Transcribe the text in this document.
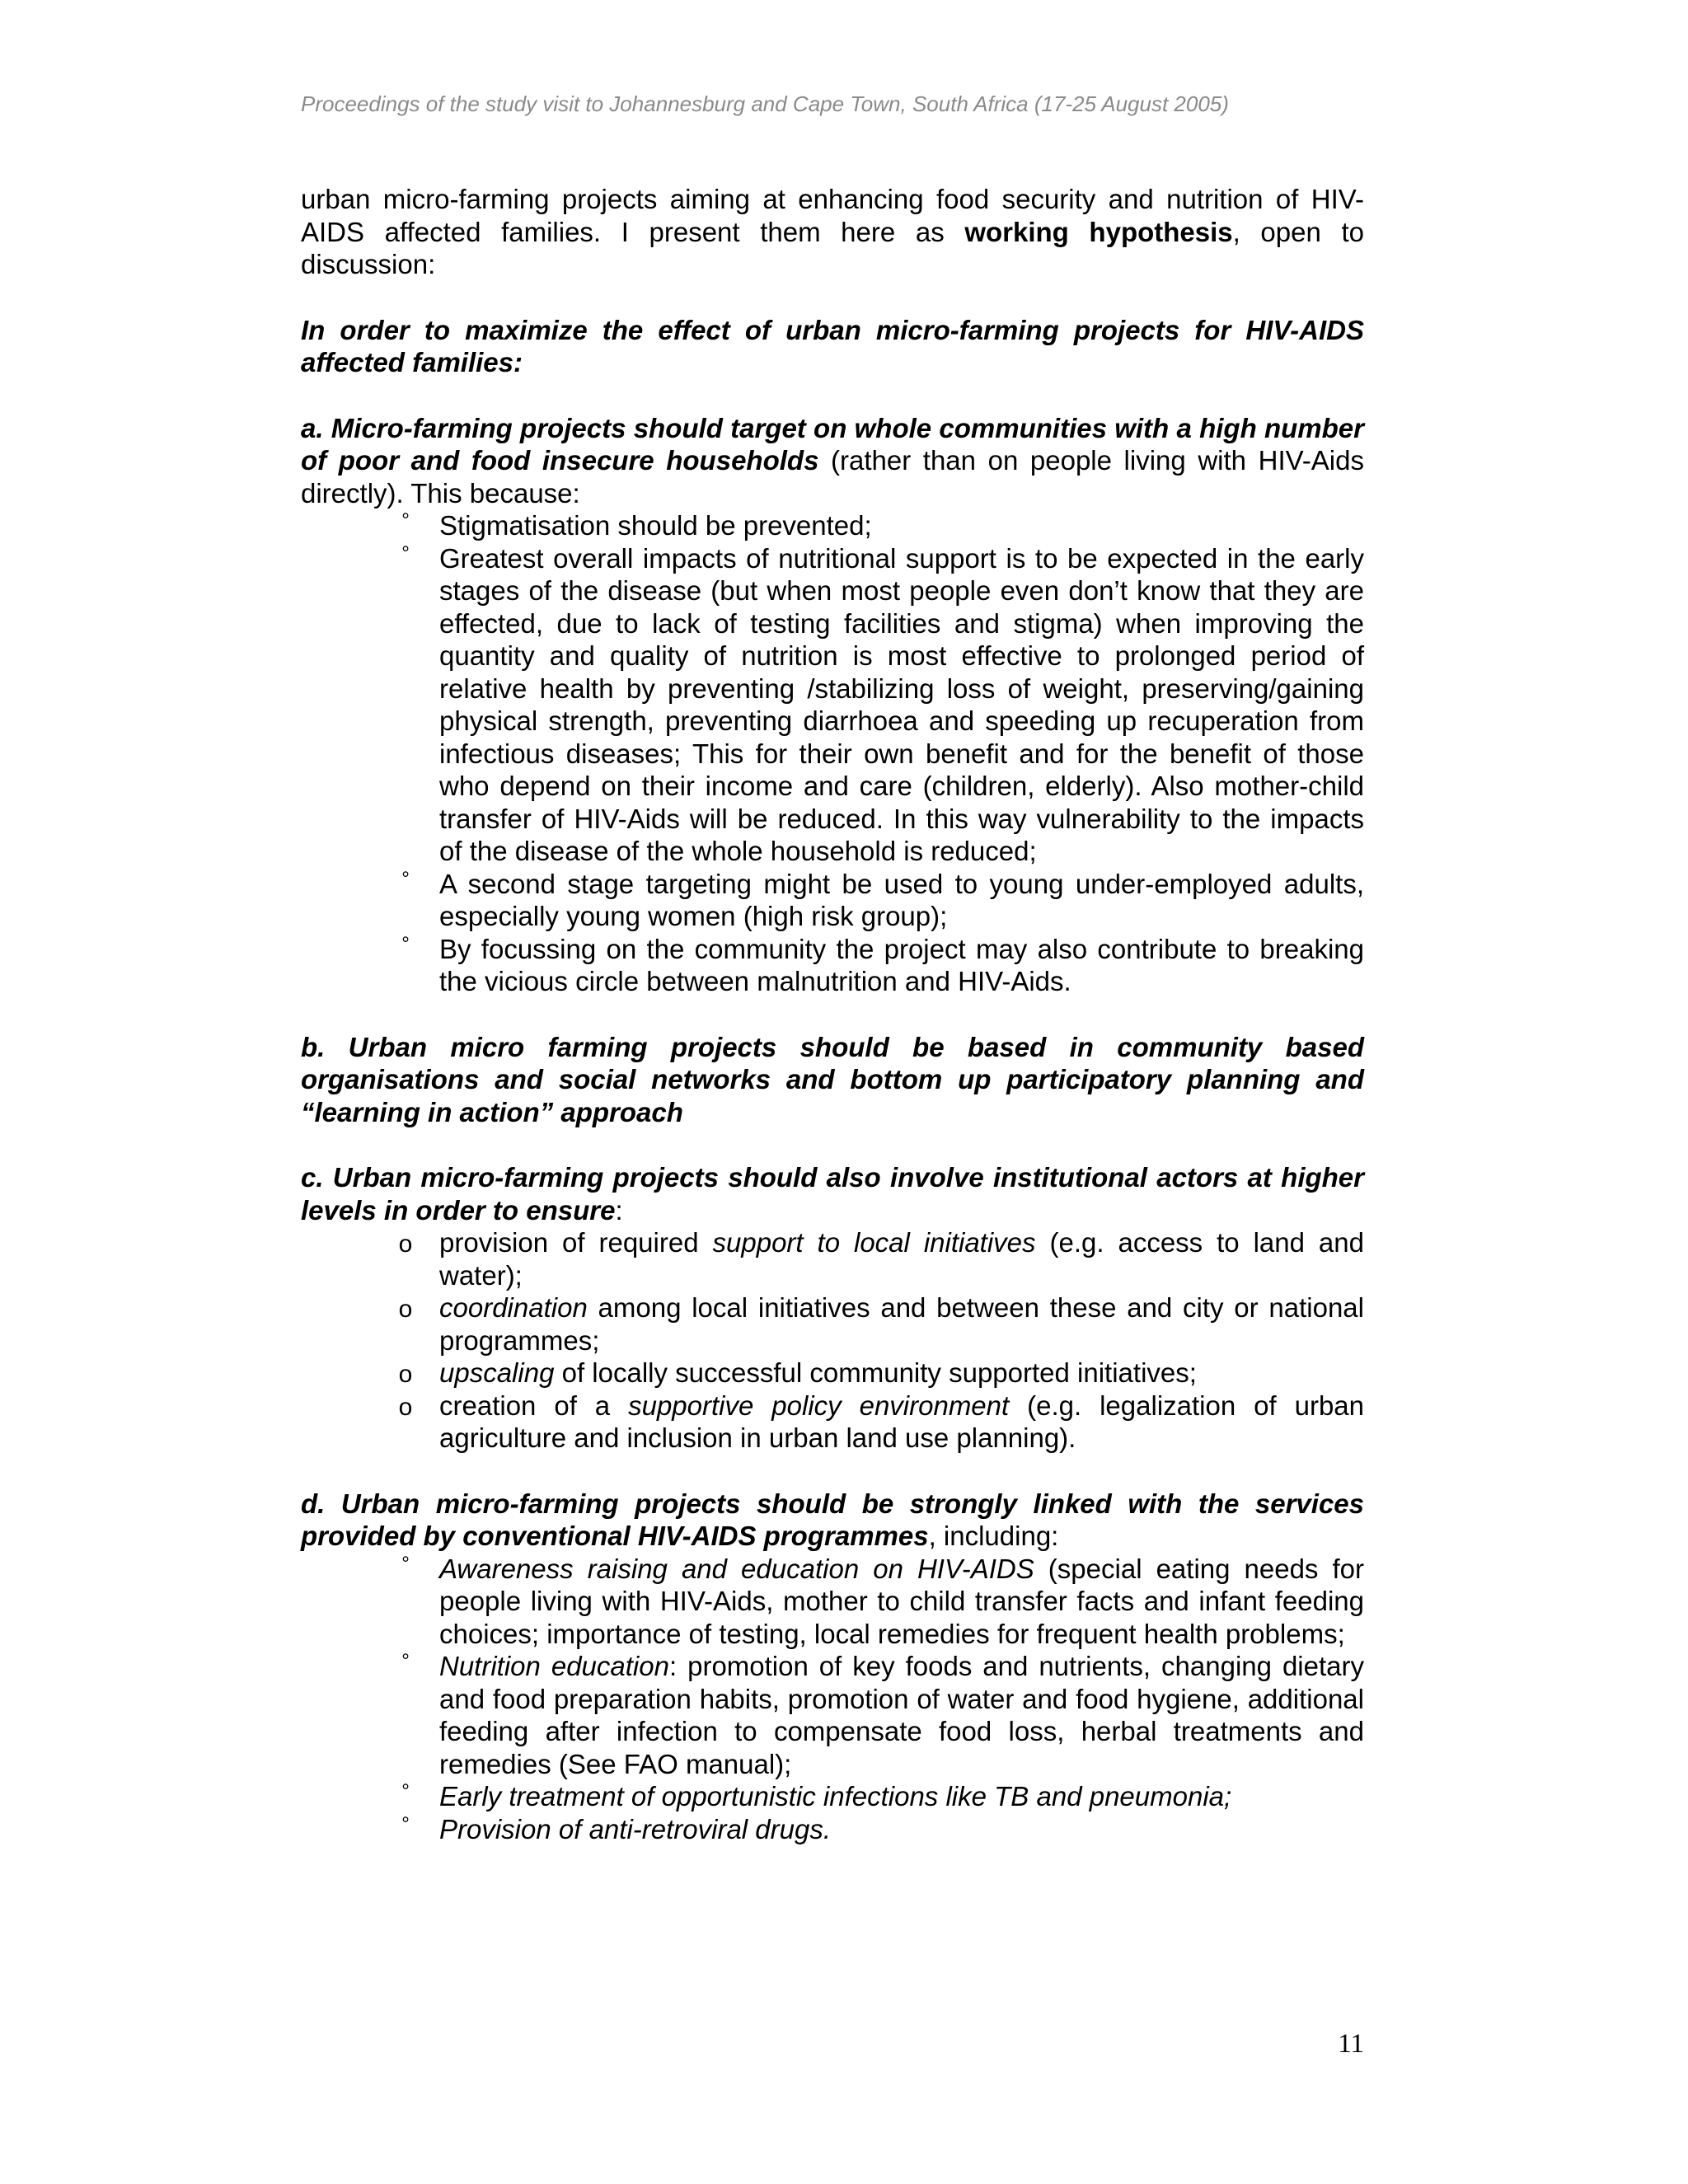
Proceedings of the study visit to Johannesburg and Cape Town, South Africa (17-25 August 2005)

urban micro-farming projects aiming at enhancing food security and nutrition of HIV-AIDS affected families. I present them here as working hypothesis, open to discussion:

In order to maximize the effect of urban micro-farming projects for HIV-AIDS affected families:

a. Micro-farming projects should target on whole communities with a high number of poor and food insecure households (rather than on people living with HIV-Aids directly). This because:

°	Stigmatisation should be prevented;
°	Greatest overall impacts of nutritional support is to be expected in the early stages of the disease (but when most people even don’t know that they are effected, due to lack of testing facilities and stigma) when improving the quantity and quality of nutrition is most effective to prolonged period of relative health by preventing /stabilizing loss of weight, preserving/gaining physical strength, preventing diarrhoea and speeding up recuperation from infectious diseases; This for their own benefit and for the benefit of those who depend on their income and care (children, elderly). Also mother-child transfer of HIV-Aids will be reduced. In this way vulnerability to the impacts of the disease of the whole household is reduced;
°	A second stage targeting might be used to young under-employed adults, especially young women (high risk group);
°	By focussing on the community the project may also contribute to breaking the vicious circle between malnutrition and HIV-Aids.

b. Urban micro farming projects should be based in community based organisations and social networks and bottom up participatory planning and “learning in action” approach

c. Urban micro-farming projects should also involve institutional actors at higher levels in order to ensure:

o provision of required support to local initiatives (e.g. access to land and water);
o coordination among local initiatives and between these and city or national programmes;
o upscaling of locally successful community supported initiatives;
o creation of a supportive policy environment (e.g. legalization of urban agriculture and inclusion in urban land use planning).

d. Urban micro-farming projects should be strongly linked with the services provided by conventional HIV-AIDS programmes, including:

°	Awareness raising and education on HIV-AIDS (special eating needs for people living with HIV-Aids, mother to child transfer facts and infant feeding choices; importance of testing, local remedies for frequent health problems;
°	Nutrition education: promotion of key foods and nutrients, changing dietary and food preparation habits, promotion of water and food hygiene, additional feeding after infection to compensate food loss, herbal treatments and remedies (See FAO manual);
°	Early treatment of opportunistic infections like TB and pneumonia;
°	Provision of anti-retroviral drugs.
11
